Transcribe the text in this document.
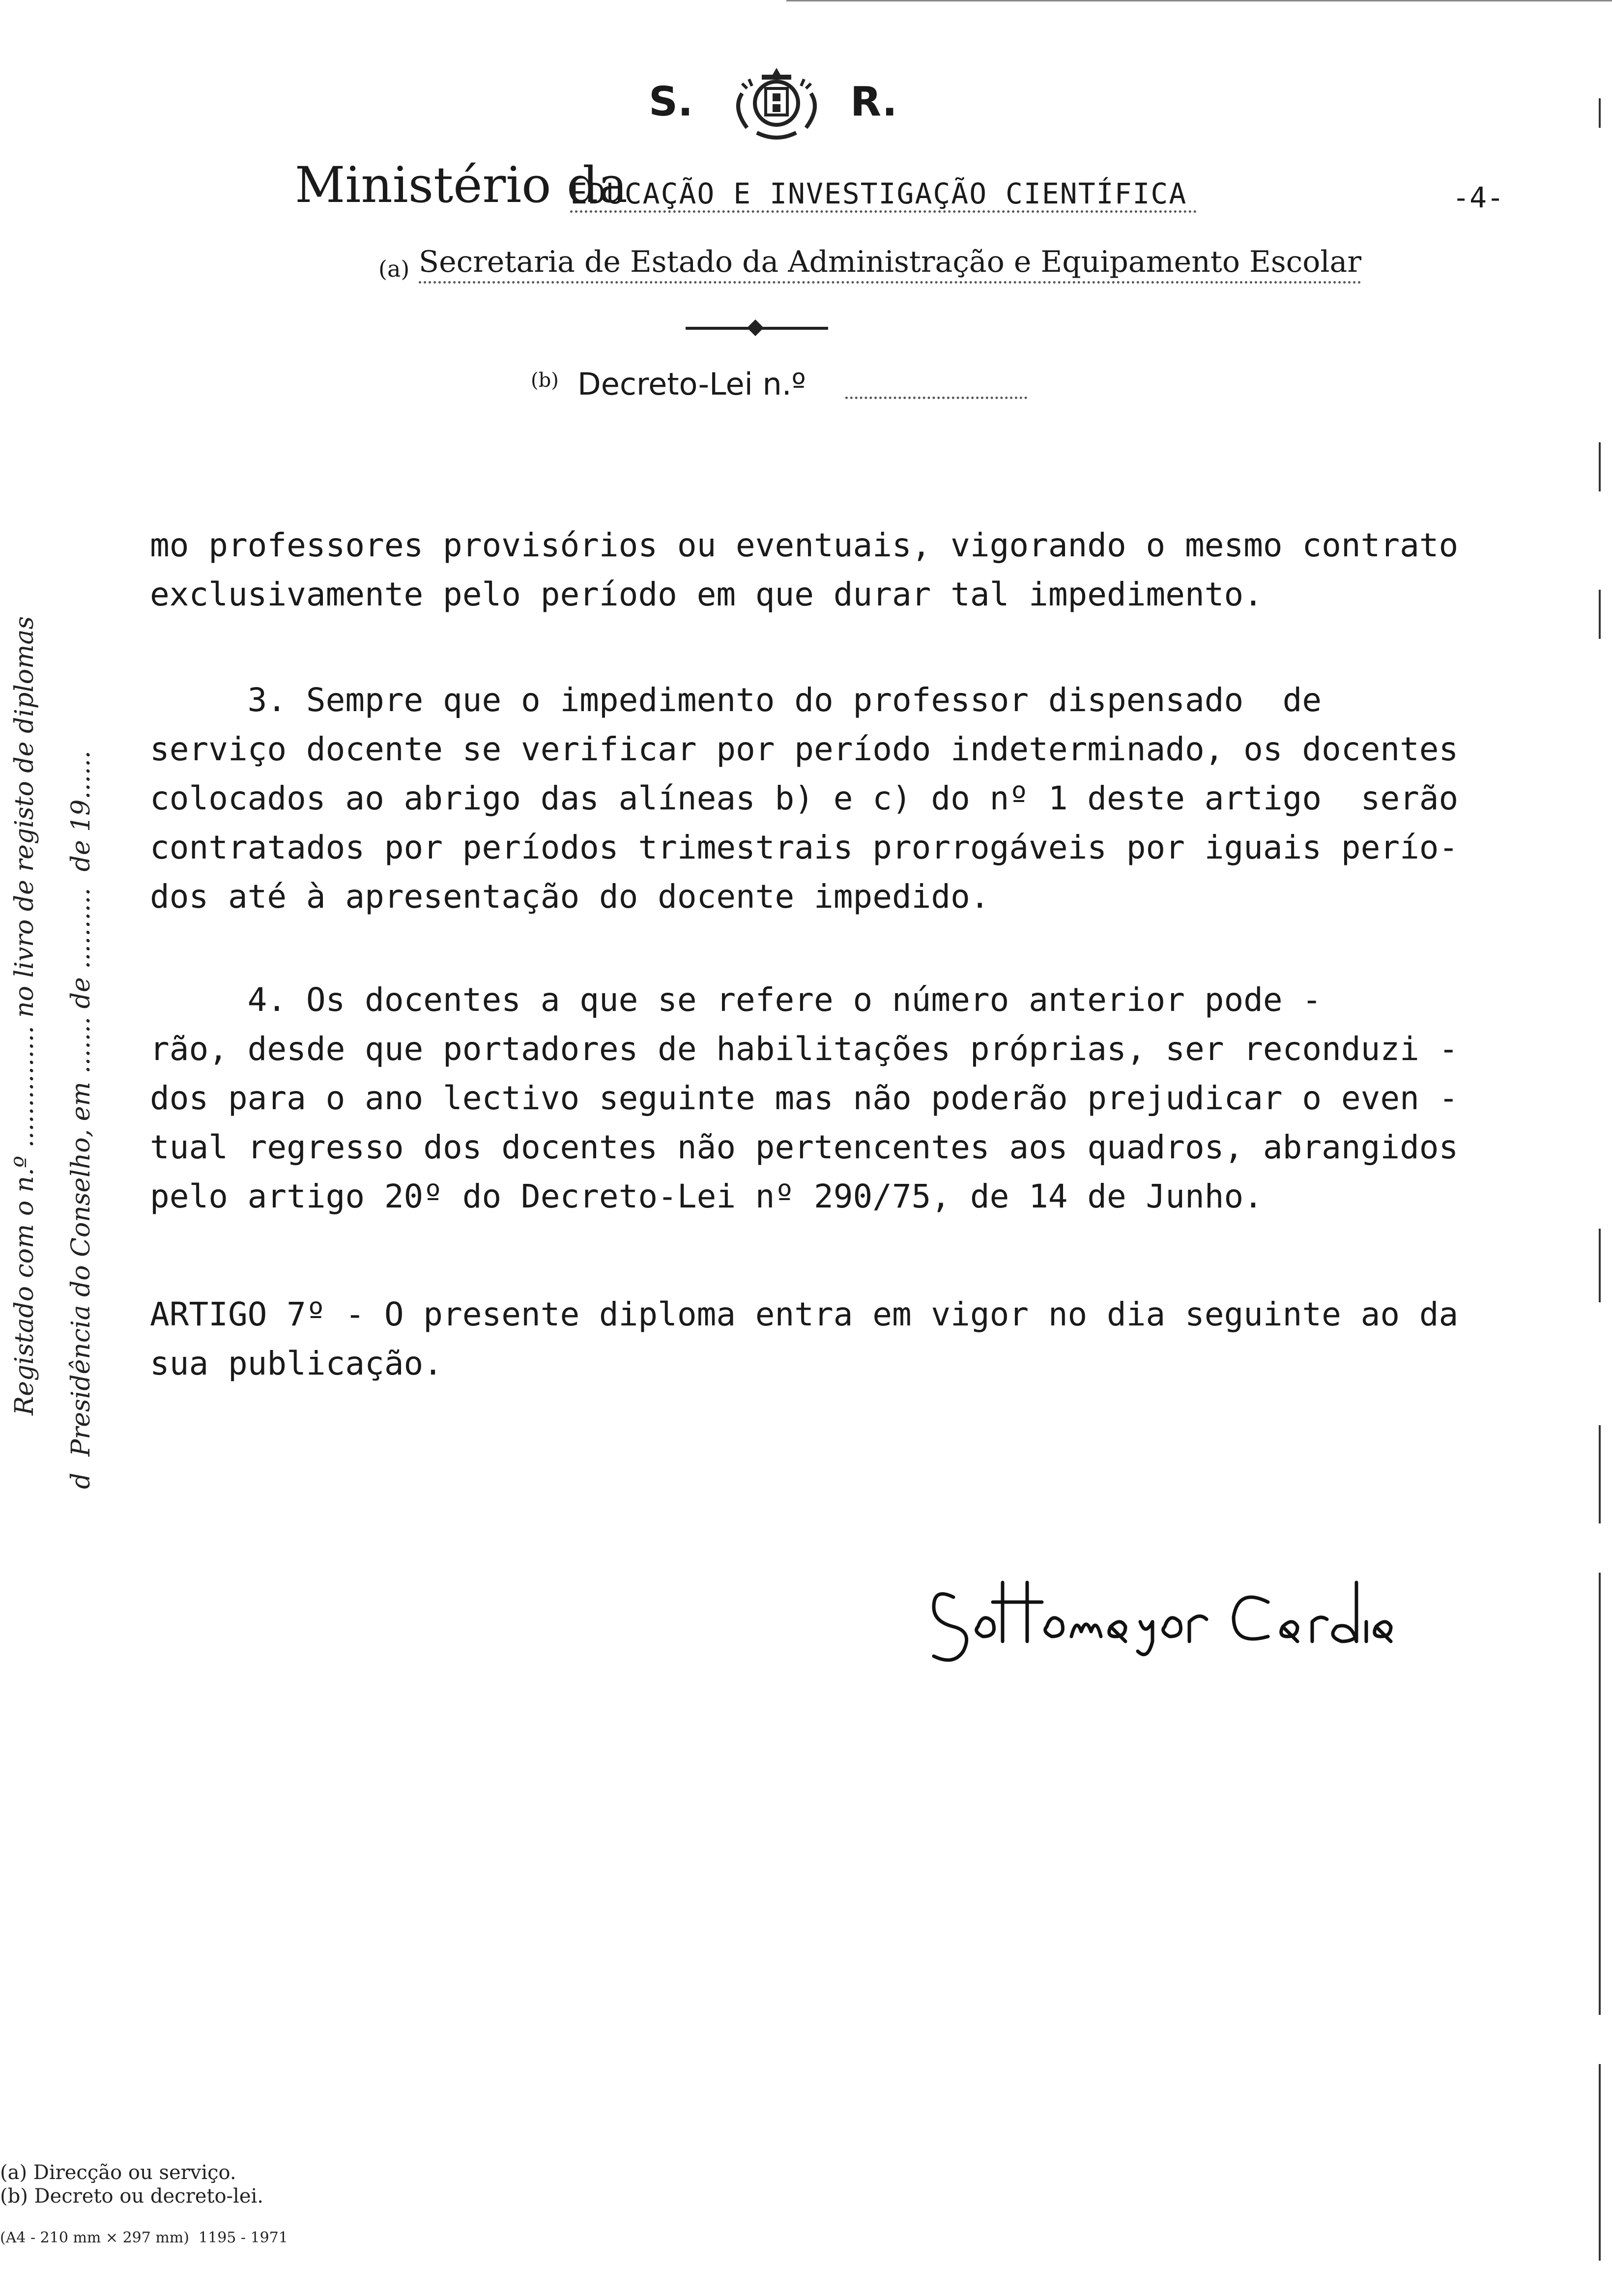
S.	R.
Ministério da
EDUCAÇÃO E INVESTIGAÇÃO CIENTÍFICA	-4-
(a) Secretaria de Estado da Administração e Equipamento Escolar
(b) Decreto-Lei n.º
mo professores provisórios ou eventuais, vigorando o mesmo contrato
exclusivamente pelo período em que durar tal impedimento.
3. Sempre que o impedimento do professor dispensado  de
serviço docente se verificar por período indeterminado, os docentes
colocados ao abrigo das alíneas b) e c) do nº 1 deste artigo  serão
contratados por períodos trimestrais prorrogáveis por iguais perío-
dos até à apresentação do docente impedido.
4. Os docentes a que se refere o número anterior pode -
rão, desde que portadores de habilitações próprias, ser reconduzi -
dos para o ano lectivo seguinte mas não poderão prejudicar o even -
tual regresso dos docentes não pertencentes aos quadros, abrangidos
pelo artigo 20º do Decreto-Lei nº 290/75, de 14 de Junho.
ARTIGO 7º - O presente diploma entra em vigor no dia seguinte ao da
sua publicação.
Registado com o n.º ............... no livro de registo de diplomas d  Presidência do Conselho, em ....... de ..........  de 19......
(a) Direcção ou serviço.
(b) Decreto ou decreto-lei.
(A4 - 210 mm × 297 mm)  1195 - 1971
